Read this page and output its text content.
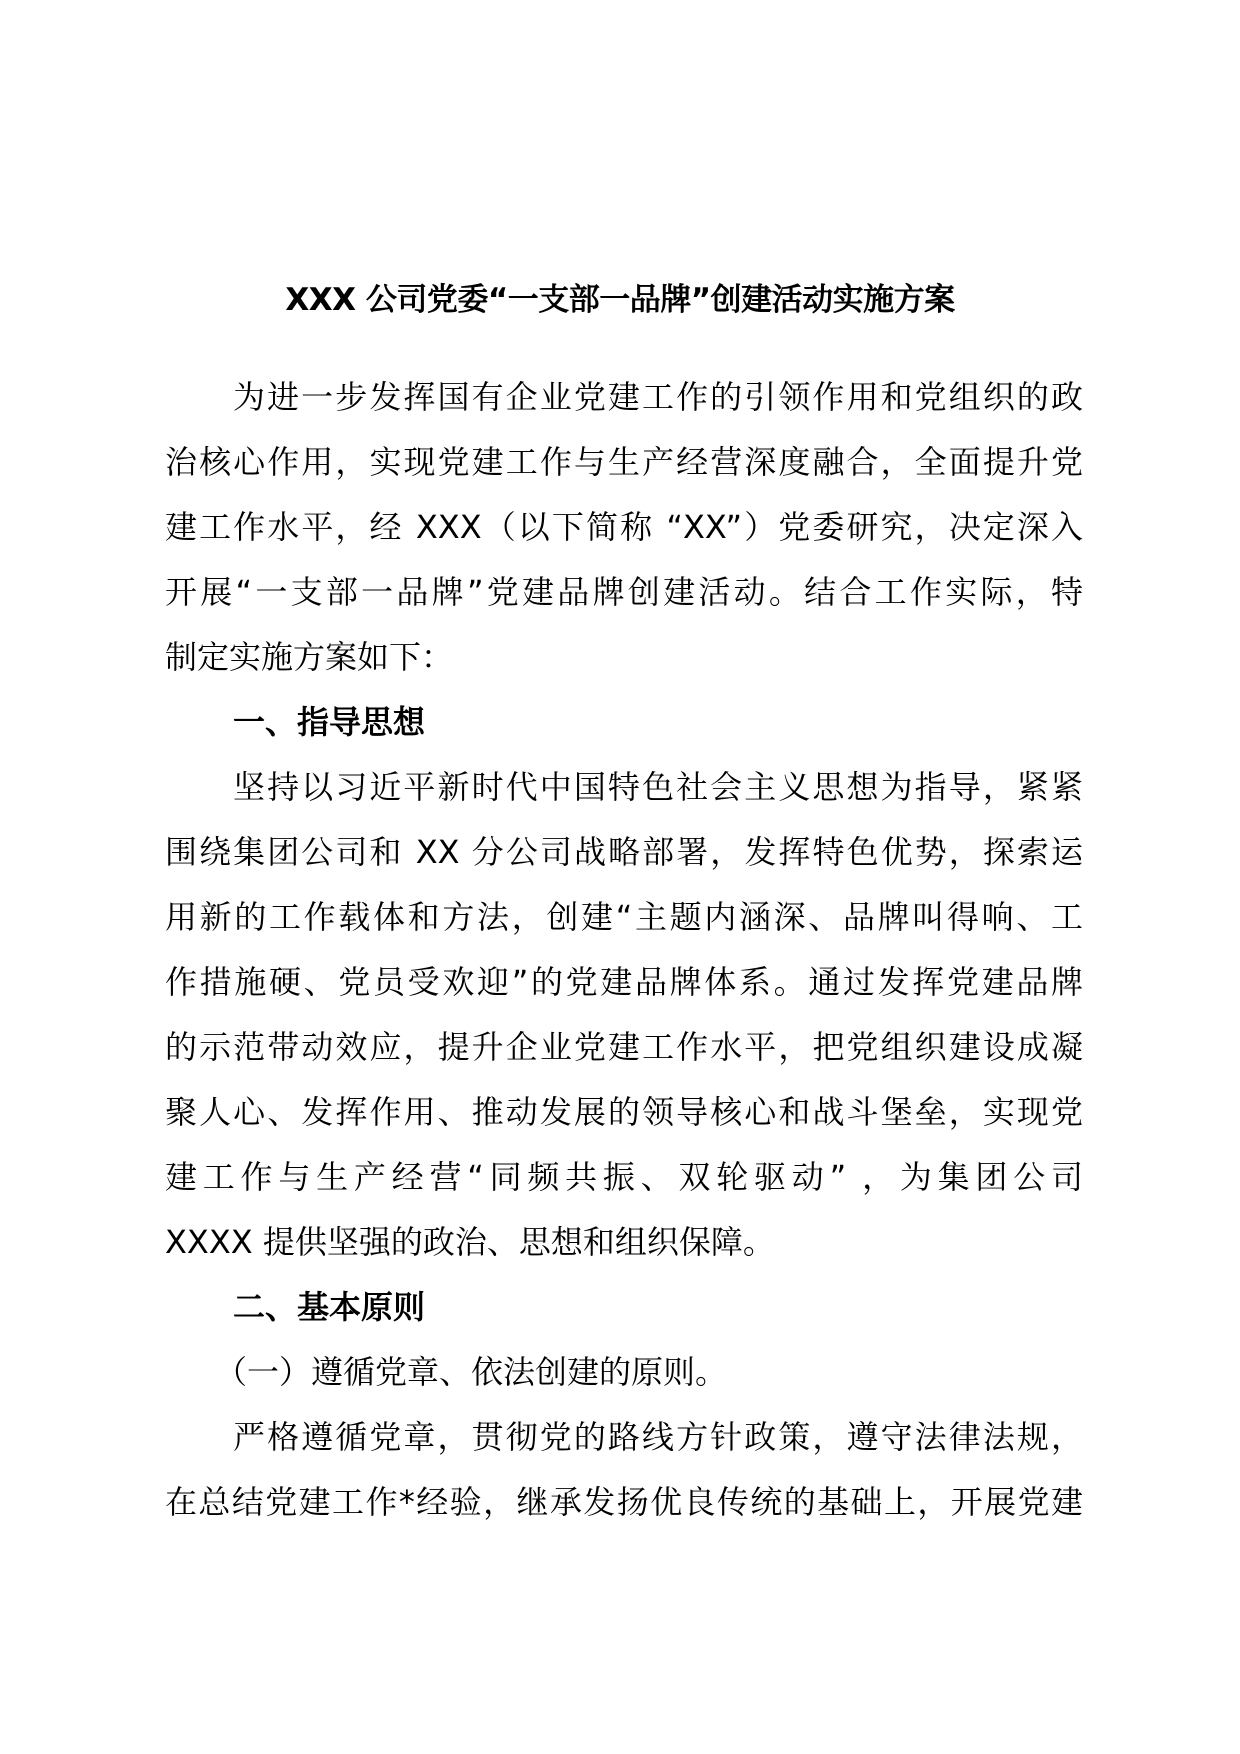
XXX 公司党委“一支部一品牌”创建活动实施方案
为进一步发挥国有企业党建工作的引领作用和党组织的政
治核心作用，实现党建工作与生产经营深度融合，全面提升党
建工作水平，经 XXX（以下简称 “XX”）党委研究，决定深入
开展“一支部一品牌”党建品牌创建活动。结合工作实际，特
制定实施方案如下：
一、指导思想
坚持以习近平新时代中国特色社会主义思想为指导，紧紧
围绕集团公司和 XX 分公司战略部署，发挥特色优势，探索运
用新的工作载体和方法，创建“主题内涵深、品牌叫得响、工
作措施硬、党员受欢迎”的党建品牌体系。通过发挥党建品牌
的示范带动效应，提升企业党建工作水平，把党组织建设成凝
聚人心、发挥作用、推动发展的领导核心和战斗堡垒，实现党
建工作与生产经营“同频共振、双轮驱动” ，为集团公司
XXXX 提供坚强的政治、思想和组织保障。
二、基本原则
（一）遵循党章、依法创建的原则。
严格遵循党章，贯彻党的路线方针政策，遵守法律法规，
在总结党建工作*经验，继承发扬优良传统的基础上，开展党建
